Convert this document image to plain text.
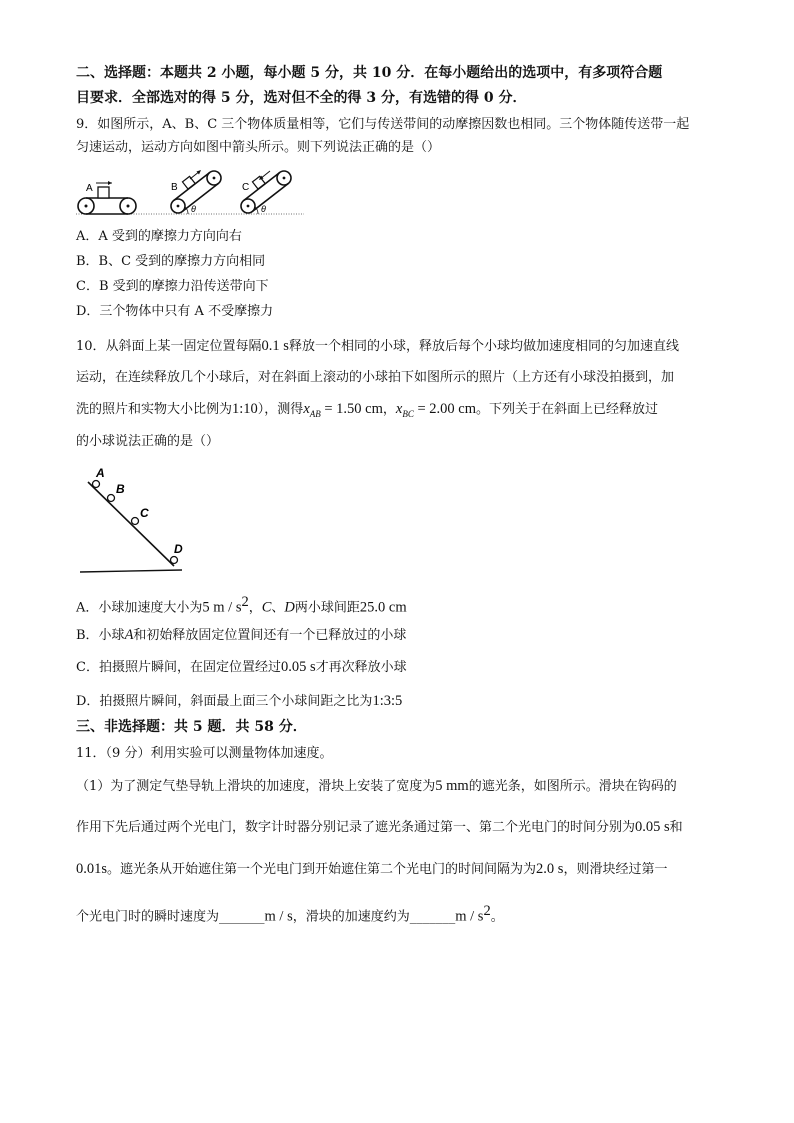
二、选择题：本题共 2 小题，每小题 5 分，共 10 分．在每小题给出的选项中，有多项符合题
目要求．全部选对的得 5 分，选对但不全的得 3 分，有选错的得 0 分．
9．如图所示，A、B、C 三个物体质量相等，它们与传送带间的动摩擦因数也相同。三个物体随传送带一起
匀速运动，运动方向如图中箭头所示。则下列说法正确的是（）
A	B
θ
C
θ
A．A 受到的摩擦力方向向右
B．B、C 受到的摩擦力方向相同
C．B 受到的摩擦力沿传送带向下
D．三个物体中只有 A 不受摩擦力
10．从斜面上某一固定位置每隔0.1 s释放一个相同的小球，释放后每个小球均做加速度相同的匀加速直线
运动，在连续释放几个小球后，对在斜面上滚动的小球拍下如图所示的照片（上方还有小球没拍摄到，加
洗的照片和实物大小比例为1:10），测得$x_{AB} = 1.50$ cm，$x_{BC} = 2.00$ cm。下列关于在斜面上已经释放过
的小球说法正确的是（）
A
B
C
D
A．小球加速度大小为5 m / $s^2$，C、D两小球间距25.0 cm
B．小球A和初始释放固定位置间还有一个已释放过的小球
C．拍摄照片瞬间，在固定位置经过0.05 s才再次释放小球
D．拍摄照片瞬间，斜面最上面三个小球间距之比为1:3:5
三、非选择题：共 5 题．共 58 分．
11．（9 分）利用实验可以测量物体加速度。
（1）为了测定气垫导轨上滑块的加速度，滑块上安装了宽度为5 mm的遮光条，如图所示。滑块在钩码的
作用下先后通过两个光电门，数字计时器分别记录了遮光条通过第一、第二个光电门的时间分别为0.05 s和
0.01s。遮光条从开始遮住第一个光电门到开始遮住第二个光电门的时间间隔为为2.0 s，则滑块经过第一
个光电门时的瞬时速度为_______m / s，滑块的加速度约为_______m / $s^2$。
